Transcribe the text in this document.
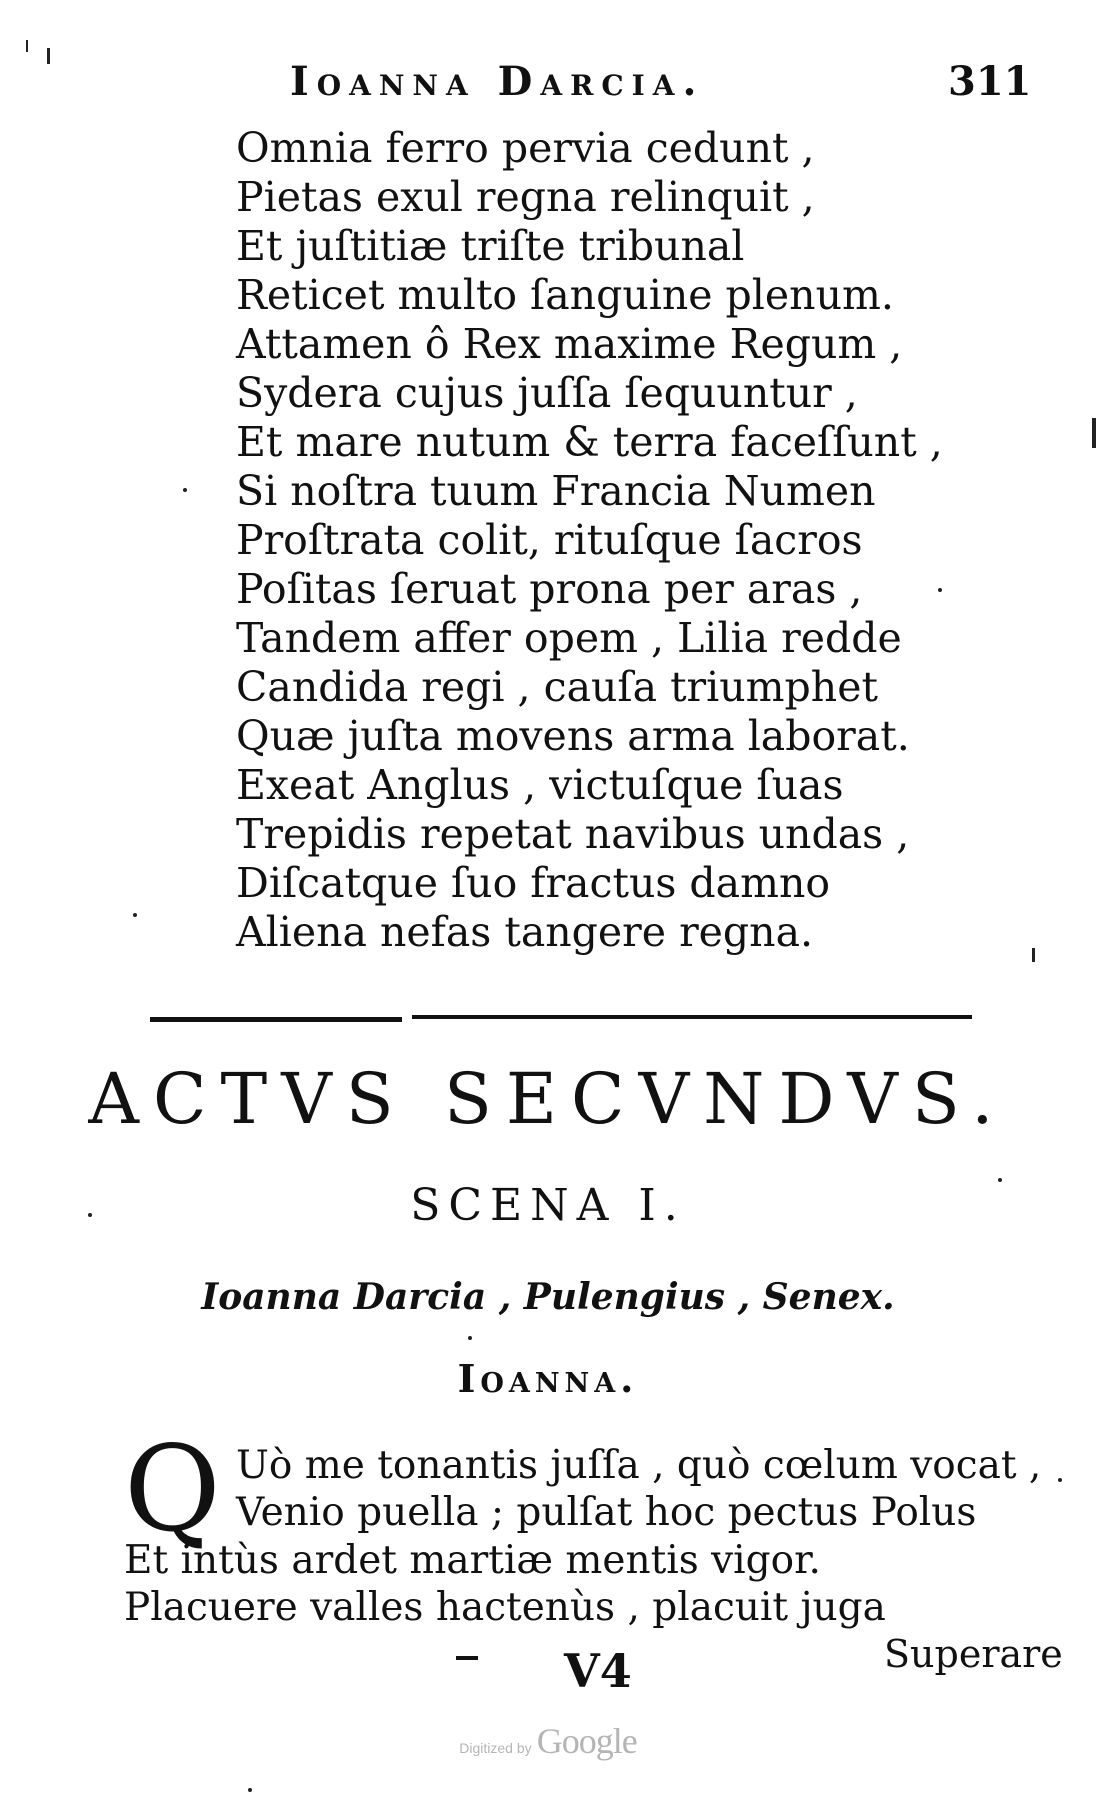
Ioanna Darcia.	311
Omnia ferro pervia cedunt ,
Pietas exul regna relinquit ,
Et juſtitiæ triſte tribunal
Reticet multo ſanguine plenum.
Attamen ô Rex maxime Regum ,
Sydera cujus juſſa ſequuntur ,
Et mare nutum & terra faceſſunt ,
Si noſtra tuum Francia Numen
Proſtrata colit, rituſque ſacros
Poſitas ſeruat prona per aras ,
Tandem affer opem , Lilia redde
Candida regi , cauſa triumphet
Quæ juſta movens arma laborat.
Exeat Anglus , victuſque ſuas
Trepidis repetat navibus undas ,
Diſcatque ſuo fractus damno
Aliena nefas tangere regna.
ACTVS SECVNDVS.
SCENA I.
Ioanna Darcia , Pulengius , Senex.
Ioanna.
Q Uò me tonantis juſſa , quò cœlum vocat ,
Venio puella ; pulſat hoc pectus Polus
Et intùs ardet martiæ mentis vigor.
Placuere valles hactenùs , placuit juga
V4	Superare
Digitized by Google
